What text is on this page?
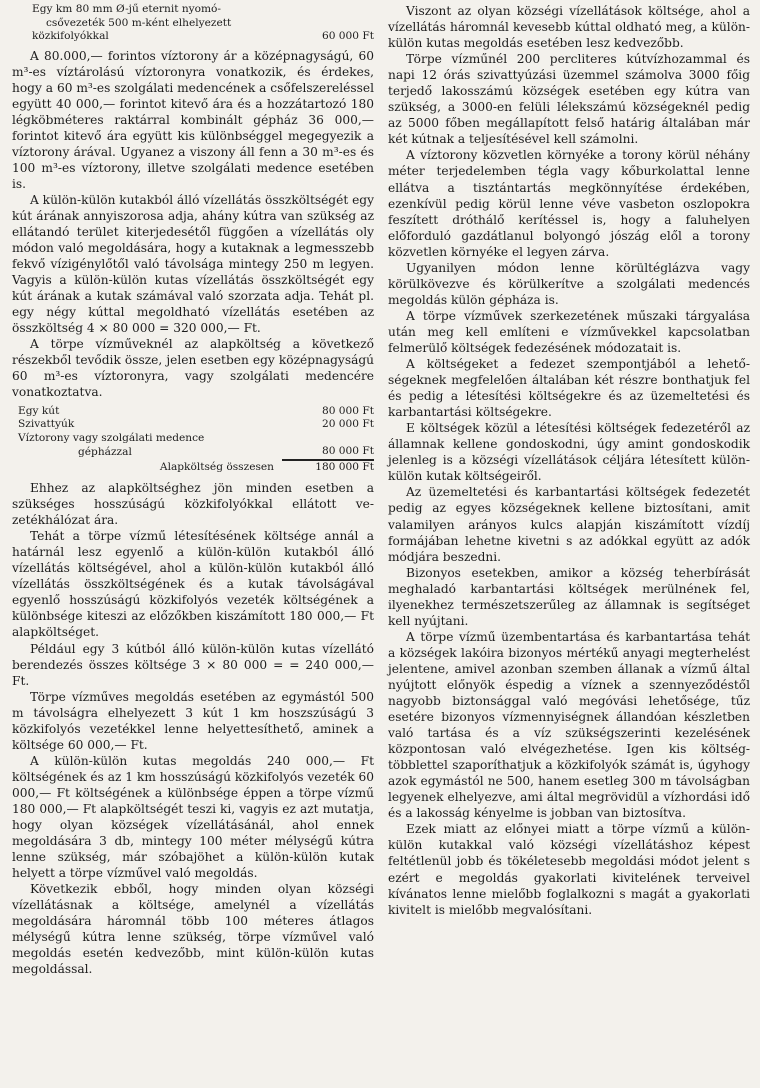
Egy km 80 mm Ø-jű eternit nyomó-
csővezeték 500 m-ként elhelyezett
közkifolyókkal	60 000 Ft

A 80.000,— forintos víztorony ár a középnagyságú, 60 m³-es víztárolású víztoronyra vonatkozik, és érdekes, hogy a 60 m³-es szolgálati medencének a csőfelszereléssel együtt 40 000,— forintot kitevő ára és a hozzátartozó 180 légköbméteres raktárral kombinált gépház 36 000,— forintot kitevő ára együtt kis különbséggel megegyezik a víztorony árával. Ugyanez a viszony áll fenn a 30 m³-es és 100 m³-es víztorony, illetve szolgálati medence esetében is.

A külön-külön kutakból álló vízellátás összköltségét egy kút árának annyiszorosa adja, ahány kútra van szükség az ellátandó terület kiterjedesétől függően a vízellátás oly módon való megoldására, hogy a kutaknak a legmesszebb fekvő vízigénylőtől való távolsága mintegy 250 m legyen. Vagyis a külön-külön kutas vízellátás összköltségét egy kút árának a kutak számával való szorzata adja. Tehát pl. egy négy kúttal megoldható vízellátás esetében az összköltség 4 × 80 000 = 320 000,— Ft.

A törpe vízműveknél az alapköltség a következő részekből tevődik össze, jelen esetben egy középnagyságú 60 m³-es víztoronyra, vagy szolgálati medencére vonatkoztatva.

Egy kút	80 000 Ft
Szivattyúk	20 000 Ft
Víztorony vagy szolgálati medence
gépházzal	80 000 Ft
Alapköltség összesen	180 000 Ft

Ehhez az alapköltséghez jön minden esetben a szükséges hosszúságú közkifolyókkal ellátott vezetékhálózat ára.

Tehát a törpe vízmű létesítésének költsége annál a határnál lesz egyenlő a külön-külön kutakból álló vízellátás költségével, ahol a külön-külön kutakból álló vízellátás összköltségének és a kutak távolságával egyenlő hosszúságú közkifolyós vezeték költségének a különbsége kiteszi az előzőkben kiszámított 180 000,— Ft alapköltséget.

Például egy 3 kútból álló külön-külön kutas vízellátó berendezés összes költsége 3 × 80 000 = = 240 000,— Ft.

Törpe vízműves megoldás esetében az egymástól 500 m távolságra elhelyezett 3 kút 1 km hoszszúságú 3 közkifolyós vezetékkel lenne helyettesíthető, aminek a költsége 60 000,— Ft.

A külön-külön kutas megoldás 240 000,— Ft költségének és az 1 km hosszúságú közkifolyós vezeték 60 000,— Ft költségének a különbsége éppen a törpe vízmű 180 000,— Ft alapköltségét teszi ki, vagyis ez azt mutatja, hogy olyan községek vízellátásánál, ahol ennek megoldására 3 db, mintegy 100 méter mélységű kútra lenne szükség, már szóbajöhet a külön-külön kutak helyett a törpe vízművel való megoldás.

Következik ebből, hogy minden olyan községi vízellátásnak a költsége, amelynél a vízellátás megoldására háromnál több 100 méteres átlagos mélységű kútra lenne szükség, törpe vízművel való megoldás esetén kedvezőbb, mint külön-külön kutas megoldással.

Viszont az olyan községi vízellátások költsége, ahol a vízellátás háromnál kevesebb kúttal oldható meg, a külön-külön kutas megoldás esetében lesz kedvezőbb.

Törpe vízműnél 200 percliteres kútvízhozammal és napi 12 órás szivattyúzási üzemmel számolva 3000 főig terjedő lakosszámú községek esetében egy kútra van szükség, a 3000-en felüli lélekszámú községeknél pedig az 5000 főben megállapított felső határig általában már két kútnak a teljesítésével kell számolni.

A víztorony közvetlen környéke a torony körül néhány méter terjedelemben tégla vagy kőburkolattal lenne ellátva a tisztántartás megkönnyítése érdekében, ezenkívül pedig körül lenne véve vasbeton oszlopokra feszített dróthálő kerítéssel is, hogy a faluhelyen előforduló gazdátlanul bolyongó jószág elől a torony közvetlen környéke el legyen zárva.

Ugyanilyen módon lenne körültéglázva vagy körülkövezve és körülkerítve a szolgálati medencés megoldás külön gépháza is.

A törpe vízművek szerkezetének műszaki tárgyalása után meg kell említeni e vízművekkel kapcsolatban felmerülő költségek fedezésének módozatait is.

A költségeket a fedezet szempontjából a lehetőségeknek megfelelően általában két részre bonthatjuk fel és pedig a létesítési költségekre és az üzemeltetési és karbantartási költségekre.

E költségek közül a létesítési költségek fedezetéről az államnak kellene gondoskodni, úgy amint gondoskodik jelenleg is a községi vízellátások céljára létesített külön-külön kutak költségeiről.

Az üzemeltetési és karbantartási költségek fedezetét pedig az egyes községeknek kellene biztosítani, amit valamilyen arányos kulcs alapján kiszámított vízdíj formájában lehetne kivetni s az adókkal együtt az adók módjára beszedni.

Bizonyos esetekben, amikor a község teherbírását meghaladó karbantartási költségek merülnének fel, ilyenekhez természetszerűleg az államnak is segítséget kell nyújtani.

A törpe vízmű üzembentartása és karbantartása tehát a községek lakóira bizonyos mértékű anyagi megterhelést jelentene, amivel azonban szemben állanak a vízmű által nyújtott előnyök éspedig a víznek a szennyeződéstől nagyobb biztonsággal való megóvási lehetősége, tűz esetére bizonyos vízmennyiségnek állandóan készletben való tartása és a víz szükségszerinti kezelésének központosan való elvégezhetése. Igen kis költségtöbblettel szaporíthatjuk a közkifolyók számát is, úgyhogy azok egymástól ne 500, hanem esetleg 300 m távolságban legyenek elhelyezve, ami által megrövidül a vízhordási idő és a lakosság kényelme is jobban van biztosítva.

Ezek miatt az előnyei miatt a törpe vízmű a külön-külön kutakkal való községi vízellátáshoz képest feltétlenül jobb és tökéletesebb megoldási módot jelent s ezért e megoldás gyakorlati kivitelének terveivel kívánatos lenne mielőbb foglalkozni s magát a gyakorlati kivitelt is mielőbb megvalósítani.
